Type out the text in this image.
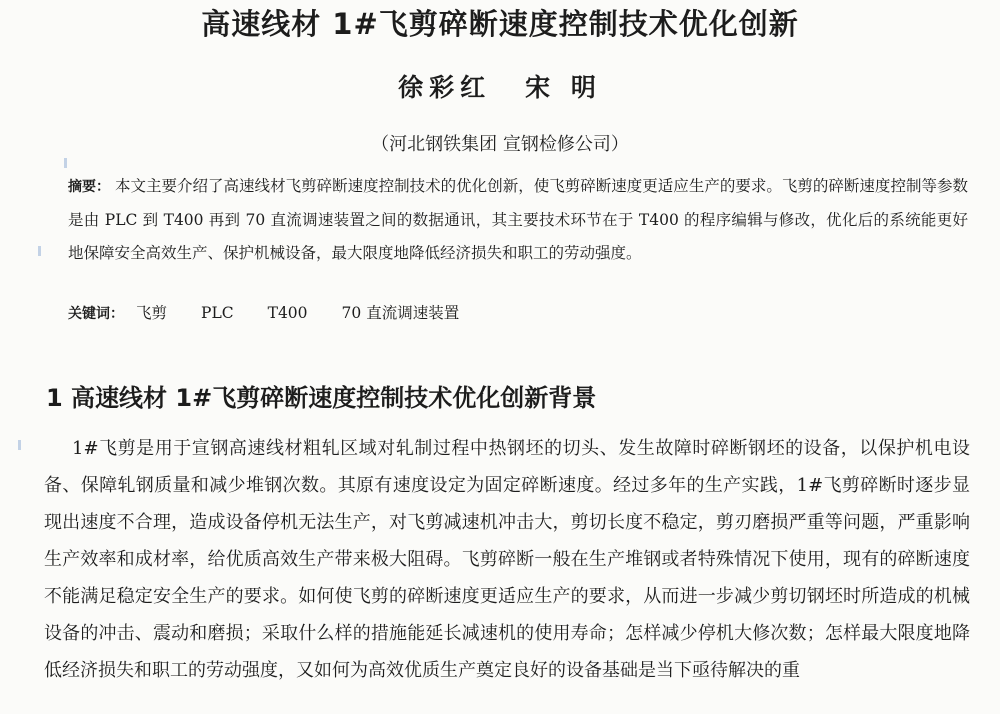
高速线材 1#飞剪碎断速度控制技术优化创新
徐彩红 宋 明
（河北钢铁集团 宣钢检修公司）
摘要： 本文主要介绍了高速线材飞剪碎断速度控制技术的优化创新，使飞剪碎断速度更适应生产的要求。飞剪的碎断速度控制等参数是由 PLC 到 T400 再到 70 直流调速装置之间的数据通讯，其主要技术环节在于 T400 的程序编辑与修改，优化后的系统能更好地保障安全高效生产、保护机械设备，最大限度地降低经济损失和职工的劳动强度。
关键词： 飞剪 PLC T400 70 直流调速装置
1 高速线材 1#飞剪碎断速度控制技术优化创新背景
1#飞剪是用于宣钢高速线材粗轧区域对轧制过程中热钢坯的切头、发生故障时碎断钢坯的设备，以保护机电设备、保障轧钢质量和减少堆钢次数。其原有速度设定为固定碎断速度。经过多年的生产实践，1#飞剪碎断时逐步显现出速度不合理，造成设备停机无法生产，对飞剪减速机冲击大，剪切长度不稳定，剪刃磨损严重等问题，严重影响生产效率和成材率，给优质高效生产带来极大阻碍。飞剪碎断一般在生产堆钢或者特殊情况下使用，现有的碎断速度不能满足稳定安全生产的要求。如何使飞剪的碎断速度更适应生产的要求，从而进一步减少剪切钢坯时所造成的机械设备的冲击、震动和磨损；采取什么样的措施能延长减速机的使用寿命；怎样减少停机大修次数；怎样最大限度地降低经济损失和职工的劳动强度，又如何为高效优质生产奠定良好的设备基础是当下亟待解决的重
